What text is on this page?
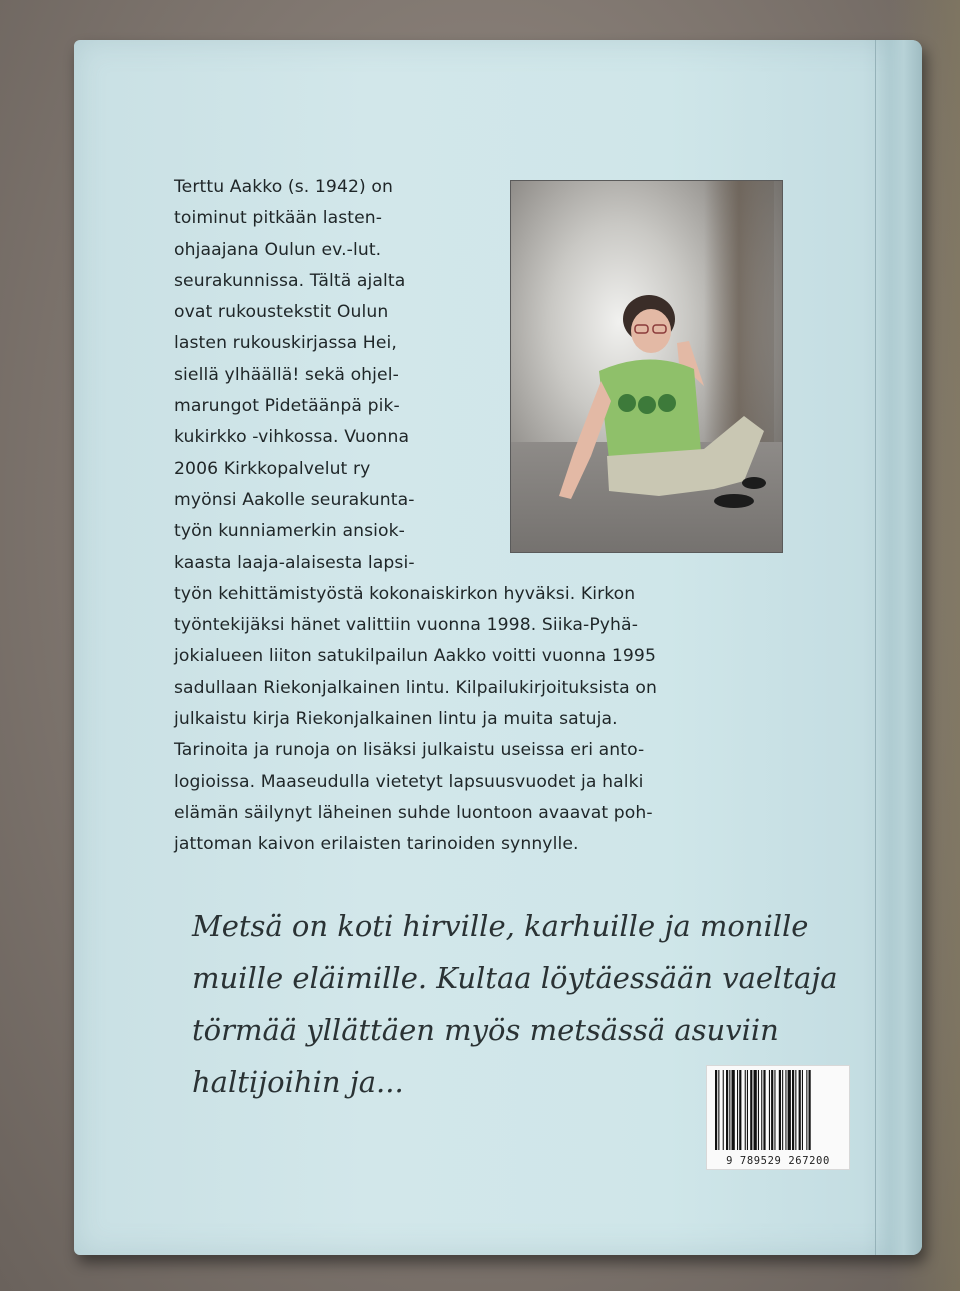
Terttu Aakko (s. 1942) on
toiminut pitkään lasten-
ohjaajana Oulun ev.-lut.
seurakunnissa. Tältä ajalta
ovat rukoustekstit Oulun
lasten rukouskirjassa Hei,
siellä ylhäällä! sekä ohjel-
marungot Pidetäänpä pik-
kukirkko -vihkossa. Vuonna
2006 Kirkkopalvelut ry
myönsi Aakolle seurakunta-
työn kunniamerkin ansiok-
kaasta laaja-alaisesta lapsi-
työn kehittämistyöstä kokonaiskirkon hyväksi. Kirkon
työntekijäksi hänet valittiin vuonna 1998. Siika-Pyhä-
jokialueen liiton satukilpailun Aakko voitti vuonna 1995
sadullaan Riekonjalkainen lintu. Kilpailukirjoituksista on
julkaistu kirja Riekonjalkainen lintu ja muita satuja.
Tarinoita ja runoja on lisäksi julkaistu useissa eri anto-
logioissa. Maaseudulla vietetyt lapsuusvuodet ja halki
elämän säilynyt läheinen suhde luontoon avaavat poh-
jattoman kaivon erilaisten tarinoiden synnylle.
Metsä on koti hirville, karhuille ja monille
muille eläimille. Kultaa löytäessään vaeltaja
törmää yllättäen myös metsässä asuviin
haltijoihin ja...
9 789529 267200
